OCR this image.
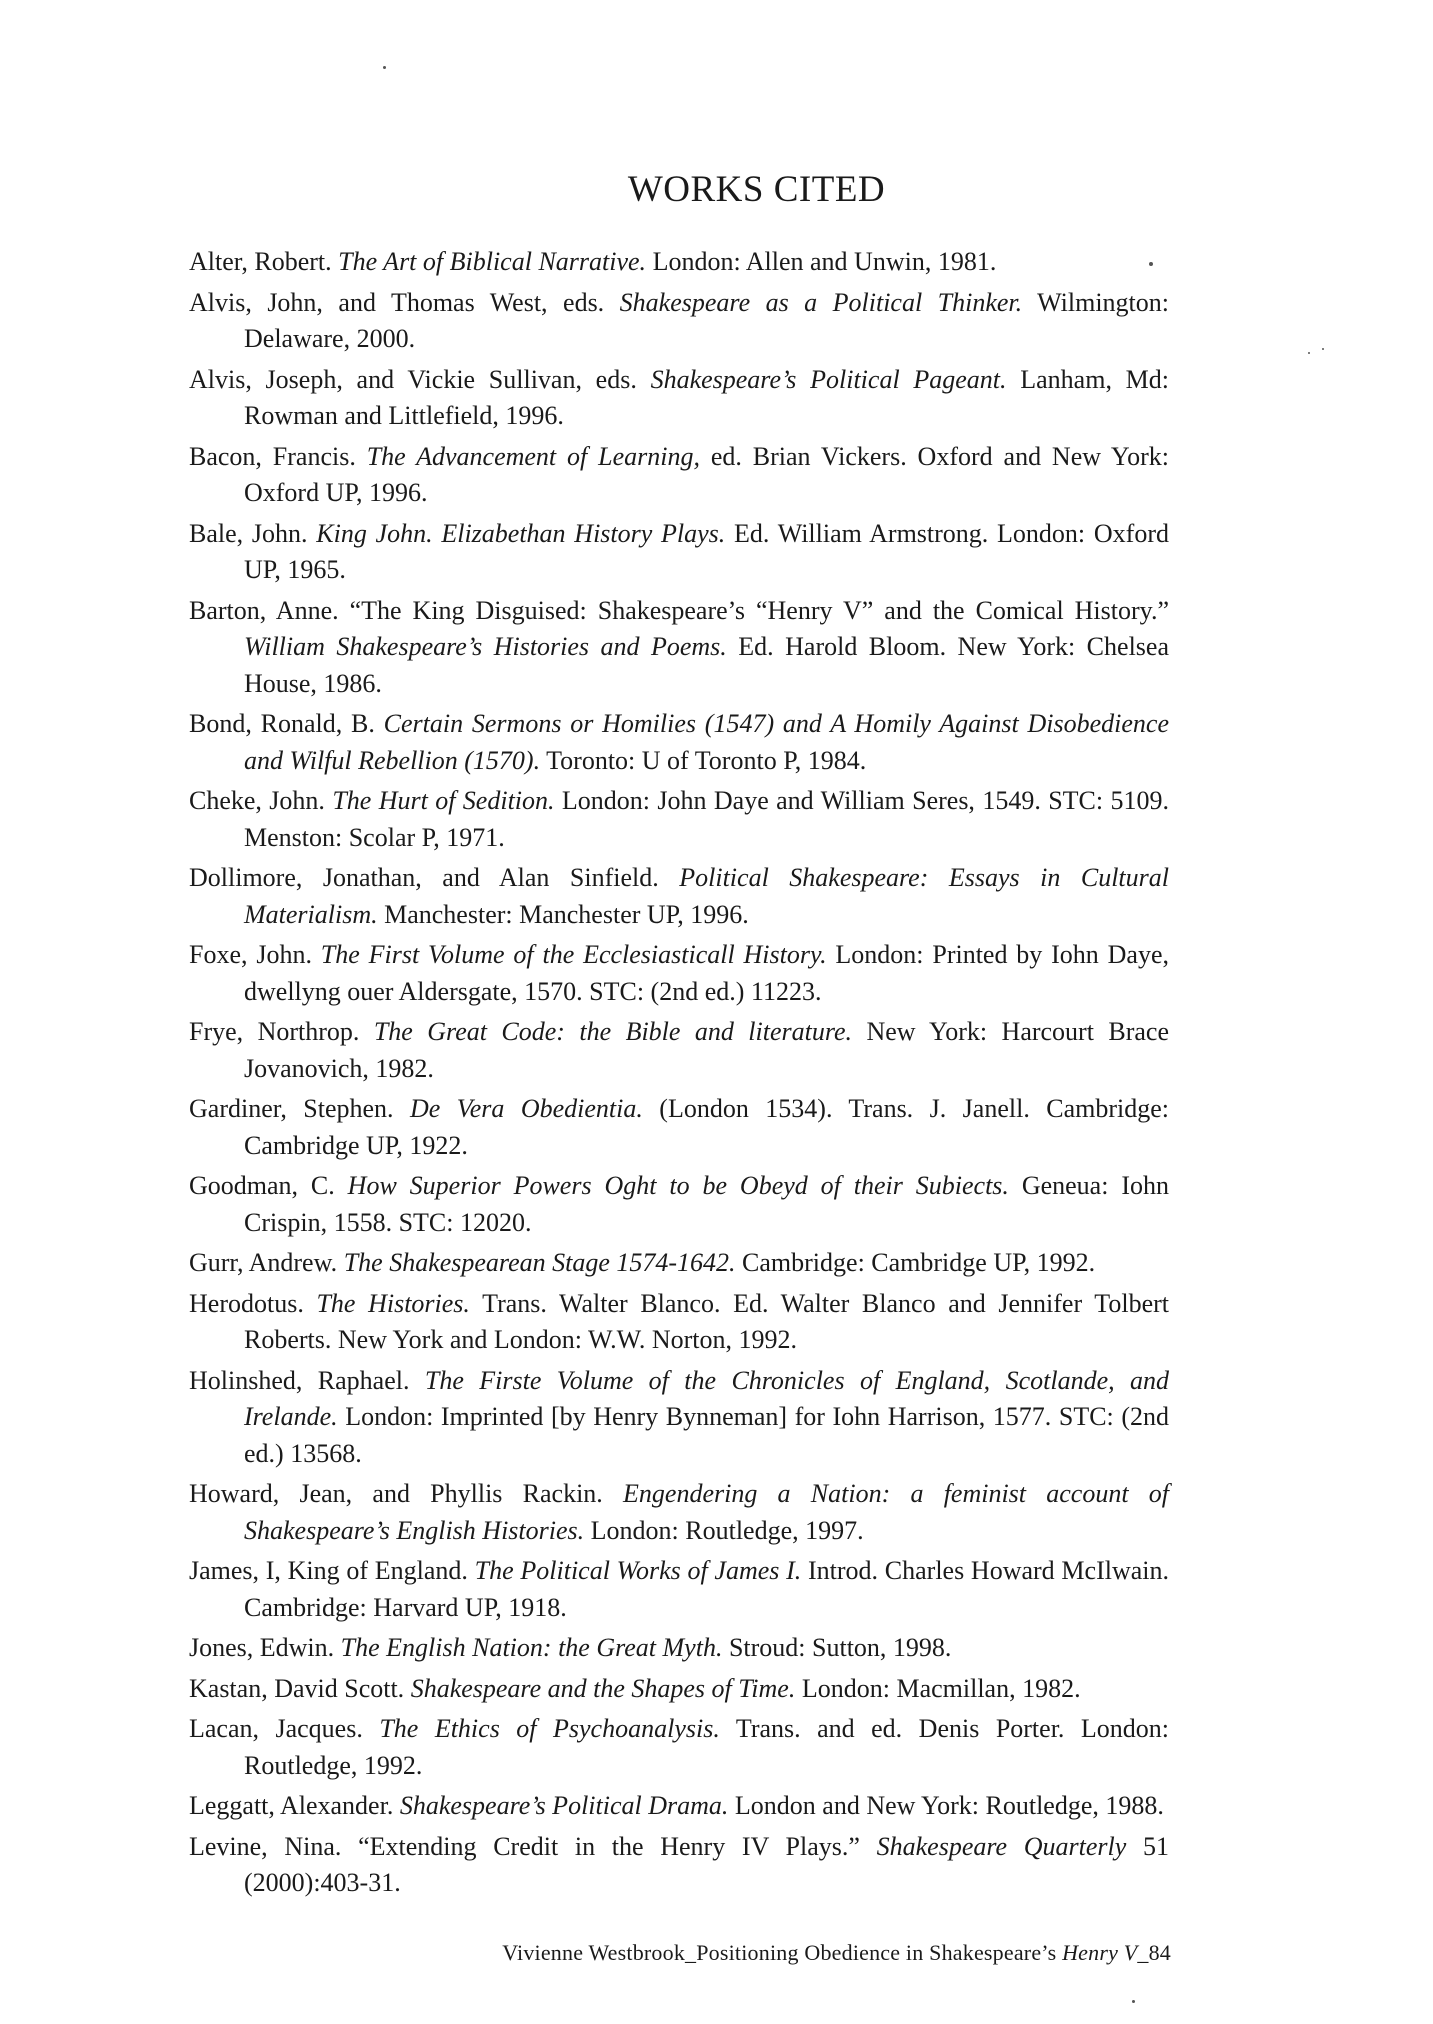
WORKS CITED

Alter, Robert. The Art of Biblical Narrative. London: Allen and Unwin, 1981.

Alvis, John, and Thomas West, eds. Shakespeare as a Political Thinker. Wilmington: Delaware, 2000.

Alvis, Joseph, and Vickie Sullivan, eds. Shakespeare’s Political Pageant. Lanham, Md: Rowman and Littlefield, 1996.

Bacon, Francis. The Advancement of Learning, ed. Brian Vickers. Oxford and New York: Oxford UP, 1996.

Bale, John. King John. Elizabethan History Plays. Ed. William Armstrong. London: Oxford UP, 1965.

Barton, Anne. “The King Disguised: Shakespeare’s “Henry V” and the Comical History.” William Shakespeare’s Histories and Poems. Ed. Harold Bloom. New York: Chelsea House, 1986.

Bond, Ronald, B. Certain Sermons or Homilies (1547) and A Homily Against Disobedience and Wilful Rebellion (1570). Toronto: U of Toronto P, 1984.

Cheke, John. The Hurt of Sedition. London: John Daye and William Seres, 1549. STC: 5109. Menston: Scolar P, 1971.

Dollimore, Jonathan, and Alan Sinfield. Political Shakespeare: Essays in Cultural Materialism. Manchester: Manchester UP, 1996.

Foxe, John. The First Volume of the Ecclesiasticall History. London: Printed by Iohn Daye, dwellyng ouer Aldersgate, 1570. STC: (2nd ed.) 11223.

Frye, Northrop. The Great Code: the Bible and literature. New York: Harcourt Brace Jovanovich, 1982.

Gardiner, Stephen. De Vera Obedientia. (London 1534). Trans. J. Janell. Cambridge: Cambridge UP, 1922.

Goodman, C. How Superior Powers Oght to be Obeyd of their Subiects. Geneua: Iohn Crispin, 1558. STC: 12020.

Gurr, Andrew. The Shakespearean Stage 1574-1642. Cambridge: Cambridge UP, 1992.

Herodotus. The Histories. Trans. Walter Blanco. Ed. Walter Blanco and Jennifer Tolbert Roberts. New York and London: W.W. Norton, 1992.

Holinshed, Raphael. The Firste Volume of the Chronicles of England, Scotlande, and Irelande. London: Imprinted [by Henry Bynneman] for Iohn Harrison, 1577. STC: (2nd ed.) 13568.

Howard, Jean, and Phyllis Rackin. Engendering a Nation: a feminist account of Shakespeare’s English Histories. London: Routledge, 1997.

James, I, King of England. The Political Works of James I. Introd. Charles Howard McIlwain. Cambridge: Harvard UP, 1918.

Jones, Edwin. The English Nation: the Great Myth. Stroud: Sutton, 1998.

Kastan, David Scott. Shakespeare and the Shapes of Time. London: Macmillan, 1982.

Lacan, Jacques. The Ethics of Psychoanalysis. Trans. and ed. Denis Porter. London: Routledge, 1992.

Leggatt, Alexander. Shakespeare’s Political Drama. London and New York: Routledge, 1988.

Levine, Nina. “Extending Credit in the Henry IV Plays.” Shakespeare Quarterly 51 (2000):403-31.

Vivienne Westbrook_Positioning Obedience in Shakespeare’s Henry V_84
